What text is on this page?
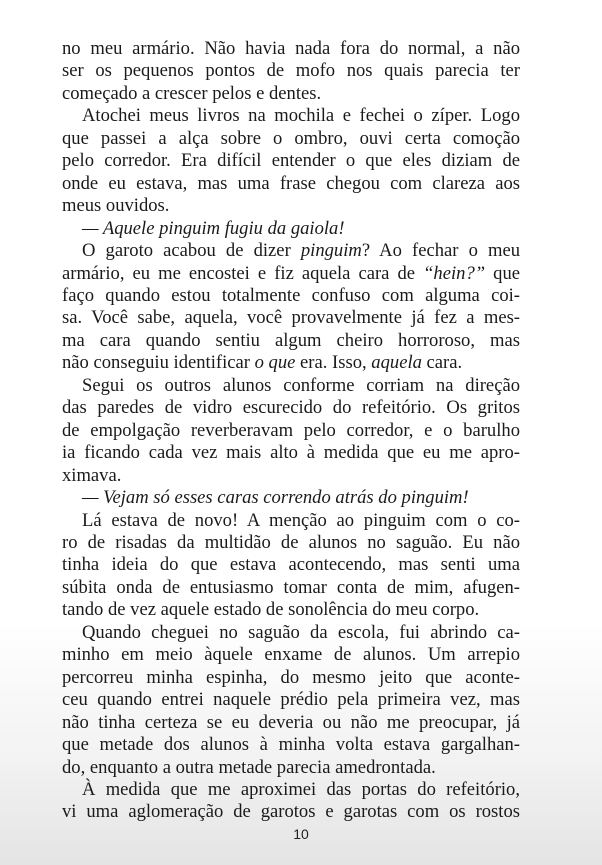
no meu armário. Não havia nada fora do normal, a não
ser os pequenos pontos de mofo nos quais parecia ter
começado a crescer pelos e dentes.
Atochei meus livros na mochila e fechei o zíper. Logo
que passei a alça sobre o ombro, ouvi certa comoção
pelo corredor. Era difícil entender o que eles diziam de
onde eu estava, mas uma frase chegou com clareza aos
meus ouvidos.
— Aquele pinguim fugiu da gaiola!
O garoto acabou de dizer pinguim? Ao fechar o meu
armário, eu me encostei e fiz aquela cara de “hein?” que
faço quando estou totalmente confuso com alguma coi-
sa. Você sabe, aquela, você provavelmente já fez a mes-
ma cara quando sentiu algum cheiro horroroso, mas
não conseguiu identificar o que era. Isso, aquela cara.
Segui os outros alunos conforme corriam na direção
das paredes de vidro escurecido do refeitório. Os gritos
de empolgação reverberavam pelo corredor, e o barulho
ia ficando cada vez mais alto à medida que eu me apro-
ximava.
— Vejam só esses caras correndo atrás do pinguim!
Lá estava de novo! A menção ao pinguim com o co-
ro de risadas da multidão de alunos no saguão. Eu não
tinha ideia do que estava acontecendo, mas senti uma
súbita onda de entusiasmo tomar conta de mim, afugen-
tando de vez aquele estado de sonolência do meu corpo.
Quando cheguei no saguão da escola, fui abrindo ca-
minho em meio àquele enxame de alunos. Um arrepio
percorreu minha espinha, do mesmo jeito que aconte-
ceu quando entrei naquele prédio pela primeira vez, mas
não tinha certeza se eu deveria ou não me preocupar, já
que metade dos alunos à minha volta estava gargalhan-
do, enquanto a outra metade parecia amedrontada.
À medida que me aproximei das portas do refeitório,
vi uma aglomeração de garotos e garotas com os rostos
10
